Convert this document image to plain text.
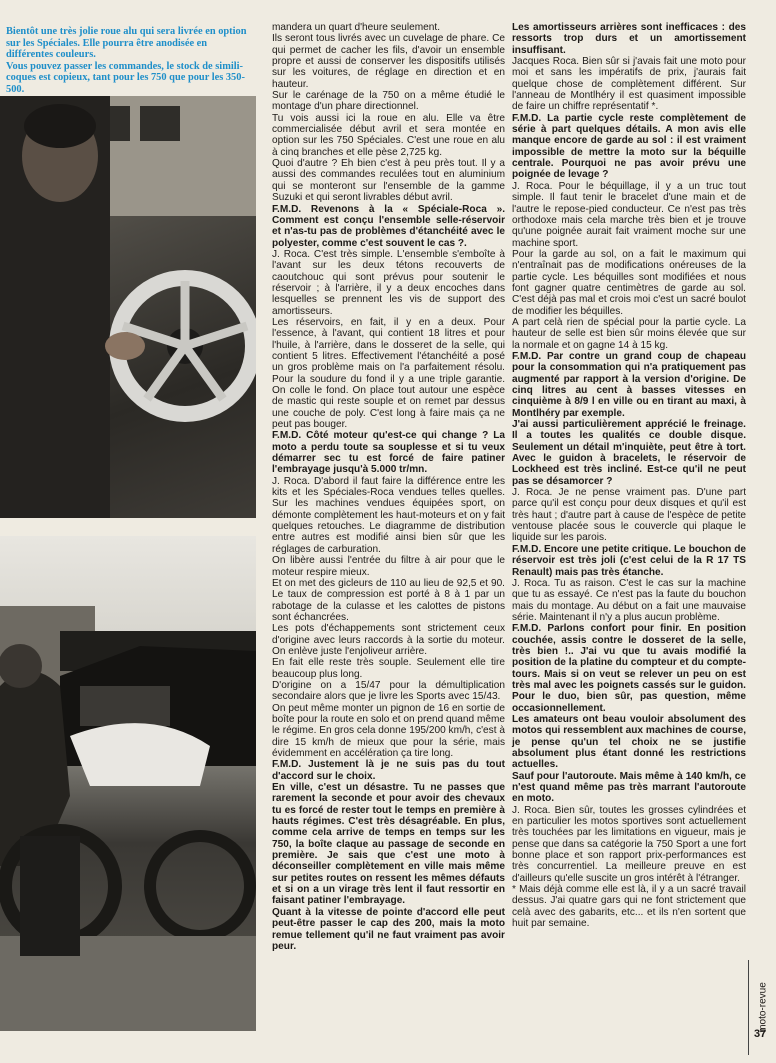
Bientôt une très jolie roue alu qui sera livrée en option sur les Spéciales. Elle pourra être anodisée en différentes couleurs.

Vous pouvez passer les commandes, le stock de simili-coques est copieux, tant pour les 750 que pour les 350-500.

mandera un quart d'heure seulement.

Ils seront tous livrés avec un cuvelage de phare. Ce qui permet de cacher les fils, d'avoir un ensemble propre et aussi de conserver les dispositifs utilisés sur les voitures, de réglage en direction et en hauteur.

Sur le carénage de la 750 on a même étudié le montage d'un phare directionnel.

Tu vois aussi ici la roue en alu. Elle va être commercialisée début avril et sera montée en option sur les 750 Spéciales. C'est une roue en alu à cinq branches et elle pèse 2,725 kg.

Quoi d'autre ? Eh bien c'est à peu près tout. Il y a aussi des commandes reculées tout en aluminium qui se monteront sur l'ensemble de la gamme Suzuki et qui seront livrables début avril.

F.M.D. Revenons à la « Spéciale-Roca ». Comment est conçu l'ensemble selle-réservoir et n'as-tu pas de problèmes d'étanchéité avec le polyester, comme c'est souvent le cas ?.

J. Roca. C'est très simple. L'ensemble s'emboîte à l'avant sur les deux tétons recouverts de caoutchouc qui sont prévus pour soutenir le réservoir ; à l'arrière, il y a deux encoches dans lesquelles se prennent les vis de support des amortisseurs.

Les réservoirs, en fait, il y en a deux. Pour l'essence, à l'avant, qui contient 18 litres et pour l'huile, à l'arrière, dans le dosseret de la selle, qui contient 5 litres. Effectivement l'étanchéité a posé un gros problème mais on l'a parfaitement résolu. Pour la soudure du fond il y a une triple garantie. On colle le fond. On place tout autour une espèce de mastic qui reste souple et on remet par dessus une couche de poly. C'est long à faire mais ça ne peut pas bouger.

F.M.D. Côté moteur qu'est-ce qui change ? La moto a perdu toute sa souplesse et si tu veux démarrer sec tu est forcé de faire patiner l'embrayage jusqu'à 5.000 tr/mn.

J. Roca. D'abord il faut faire la différence entre les kits et les Spéciales-Roca vendues telles quelles. Sur les machines vendues équipées sport, on démonte complètement les haut-moteurs et on y fait quelques retouches. Le diagramme de distribution entre autres est modifié ainsi bien sûr que les réglages de carburation.

On libère aussi l'entrée du filtre à air pour que le moteur respire mieux.

Et on met des gicleurs de 110 au lieu de 92,5 et 90. Le taux de compression est porté à 8 à 1 par un rabotage de la culasse et les calottes de pistons sont échancrées.

Les pots d'échappements sont strictement ceux d'origine avec leurs raccords à la sortie du moteur. On enlève juste l'enjoliveur arrière.

En fait elle reste très souple. Seulement elle tire beaucoup plus long.

D'origine on a 15/47 pour la démultiplication secondaire alors que je livre les Sports avec 15/43.

On peut même monter un pignon de 16 en sortie de boîte pour la route en solo et on prend quand même le régime. En gros cela donne 195/200 km/h, c'est à dire 15 km/h de mieux que pour la série, mais évidemment en accélération ça tire long.

F.M.D. Justement là je ne suis pas du tout d'accord sur le choix.

En ville, c'est un désastre. Tu ne passes que rarement la seconde et pour avoir des chevaux tu es forcé de rester tout le temps en première à hauts régimes. C'est très désagréable. En plus, comme cela arrive de temps en temps sur les 750, la boîte claque au passage de seconde en première. Je sais que c'est une moto à déconseiller complètement en ville mais même sur petites routes on ressent les mêmes défauts et si on a un virage très lent il faut ressortir en faisant patiner l'embrayage.

Quant à la vitesse de pointe d'accord elle peut peut-être passer le cap des 200, mais la moto remue tellement qu'il ne faut vraiment pas avoir peur.

Les amortisseurs arrières sont inefficaces : des ressorts trop durs et un amortissement insuffisant.

Jacques Roca. Bien sûr si j'avais fait une moto pour moi et sans les impératifs de prix, j'aurais fait quelque chose de complètement différent. Sur l'anneau de Montlhéry il est quasiment impossible de faire un chiffre représentatif *.

F.M.D. La partie cycle reste complètement de série à part quelques détails. A mon avis elle manque encore de garde au sol : il est vraiment impossible de mettre la moto sur la béquille centrale. Pourquoi ne pas avoir prévu une poignée de levage ?

J. Roca. Pour le béquillage, il y a un truc tout simple. Il faut tenir le bracelet d'une main et de l'autre le repose-pied conducteur. Ce n'est pas très orthodoxe mais cela marche très bien et je trouve qu'une poignée aurait fait vraiment moche sur une machine sport.

Pour la garde au sol, on a fait le maximum qui n'entraînait pas de modifications onéreuses de la partie cycle. Les béquilles sont modifiées et nous font gagner quatre centimètres de garde au sol. C'est déjà pas mal et crois moi c'est un sacré boulot de modifier les béquilles.

A part celà rien de spécial pour la partie cycle. La hauteur de selle est bien sûr moins élevée que sur la normale et on gagne 14 à 15 kg.

F.M.D. Par contre un grand coup de chapeau pour la consommation qui n'a pratiquement pas augmenté par rapport à la version d'origine. De cinq litres au cent à basses vitesses en cinquième à 8/9 l en ville ou en tirant au maxi, à Montlhéry par exemple.

J'ai aussi particulièrement apprécié le freinage. Il a toutes les qualités ce double disque. Seulement un détail m'inquiète, peut être à tort. Avec le guidon à bracelets, le réservoir de Lockheed est très incliné. Est-ce qu'il ne peut pas se désamorcer ?

J. Roca. Je ne pense vraiment pas. D'une part parce qu'il est conçu pour deux disques et qu'il est très haut ; d'autre part à cause de l'espèce de petite ventouse placée sous le couvercle qui plaque le liquide sur les parois.

F.M.D. Encore une petite critique. Le bouchon de réservoir est très joli (c'est celui de la R 17 TS Renault) mais pas très étanche.

J. Roca. Tu as raison. C'est le cas sur la machine que tu as essayé. Ce n'est pas la faute du bouchon mais du montage. Au début on a fait une mauvaise série. Maintenant il n'y a plus aucun problème.

F.M.D. Parlons confort pour finir. En position couchée, assis contre le dosseret de la selle, très bien !.. J'ai vu que tu avais modifié la position de la platine du compteur et du compte-tours. Mais si on veut se relever un peu on est très mal avec les poignets cassés sur le guidon. Pour le duo, bien sûr, pas question, même occasionnellement.

Les amateurs ont beau vouloir absolument des motos qui ressemblent aux machines de course, je pense qu'un tel choix ne se justifie absolument plus étant donné les restrictions actuelles.

Sauf pour l'autoroute. Mais même à 140 km/h, ce n'est quand même pas très marrant l'autoroute en moto.

J. Roca. Bien sûr, toutes les grosses cylindrées et en particulier les motos sportives sont actuellement très touchées par les limitations en vigueur, mais je pense que dans sa catégorie la 750 Sport a une fort bonne place et son rapport prix-performances est très concurrentiel. La meilleure preuve en est d'ailleurs qu'elle suscite un gros intérêt à l'étranger.

* Mais déjà comme elle est là, il y a un sacré travail dessus. J'ai quatre gars qui ne font strictement que celà avec des gabarits, etc... et ils n'en sortent que huit par semaine.

moto-revue
37
